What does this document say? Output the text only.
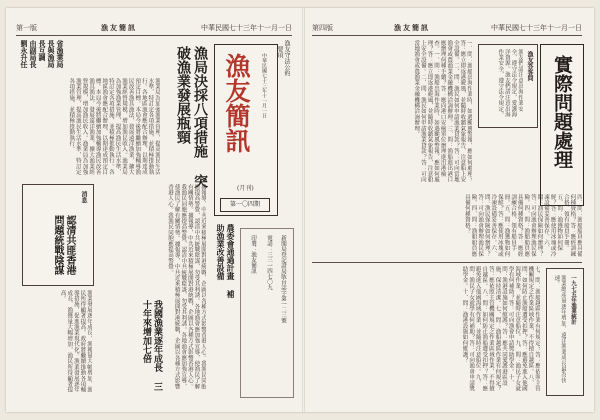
第一版	漁友簡訊	中華民國七十三年十一月一日	第四版	漁友簡訊	中華民國七十三年十一月一日
省漁業局長與漁局長互調 由副局長劉永升任
漁業局為加強漁業管理，提高漁民生活水準，特訂定各項措施，並積極推動執行。各地區漁會應配合辦理，以期達成預定目標。本局今後將繼續加強輔導漁民改善漁具漁法，發展遠洋漁業，擴大漁業經營規模，增加漁民收入。漁業局為加強漁業管理，提高漁民生活水準，特訂定各項措施，並積極推動執行。各地區漁會應配合辦理，以期達成預定目標。本局今後將繼續加強輔導漁民改善漁具漁法，發展遠洋漁業，擴大漁業經營規模，增加漁民收入。漁業局為加強漁業管理，提高漁民生活水準，特訂定各項措施，並積極推動執行。	漁局決採八項措施 突破漁業發展瓶頸	漁友簡訊 中華民國七十三年十一月一日
(月刊)
第一〇四期
漁友守法公約
要項
消息
認清共匪香港問題統戰陰謀	據報導，中共近來積極展開對港統戰，企圖以各種方式影響香港人心。我漁民同胞應提高警覺，認清中共統戰陰謀，勿受其利誘。各地漁會應加強宣導，使漁民了解有關情勢。據報導，中共近來積極展開對港統戰，企圖以各種方式影響香港人心。我漁民同胞應提高警覺，認清中共統戰陰謀，勿受其利誘。各地漁會應加強宣導，使漁民了解有關情勢。據報導，中共近來積極展開對港統戰，企圖以各種方式影響香港人心。我漁民同胞應提高警覺。
漁業發展逐年成長，漁獲量大幅增加，漁民所得顯著提高。政府將繼續推動各項輔導措施，促進漁業現代化。漁業發展逐年成長，漁獲量大幅增加，漁民所得顯著提高。	農委會通過計畫 補助漁業改善設備
我國漁業逐年成長 三十年來增加七倍
新聞局登記證局版台誌字第一二三號
電話：三三一四七〇九
印製：漁友簡訊
實際問題處理
漁友們請注意出海作業安全，遵守法令規定，愛護海洋資源。漁友們請注意出海作業安全，遵守法令規定。	漁友答客問
一、問：漁船出海作業時，如遇颱風警報，應如何處理？答：應立即返港避風，並隨時收聽氣象報告，注意船上安全設備。二、問：漁民如何申請漁業貸款？答：可向當地漁會或農漁業金融機構洽詢辦理。三、問：漁船進出港口應辦理何種手續？答：應向港口安檢單位辦理進出港檢查。一、問：漁船出海作業時，如遇颱風警報，應如何處理？答：應立即返港避風，並隨時收聽氣象報告，注意船上安全設備。二、問：漁民如何申請漁業貸款？答：可向當地漁會或農漁業金融機構洽詢辦理。
四、問：漁船船員應具備何種資格？答：應經訓練合格，領有船員手冊。五、問：漁獲物如何保鮮？答：應使用冰塊或冷凍設備妥善保存。六、問：漁民保險如何辦理？答：可向漁會辦理漁民保險。四、問：漁船船員應具備何種資格？答：應經訓練合格，領有船員手冊。五、問：漁獲物如何保鮮？答：應使用冰塊或冷凍設備妥善保存。六、問：漁民保險如何辦理？答：可向漁會辦理漁民保險。四、問：漁船船員應具備何種資格？
七、問：漁船越區作業有何規定？答：應依照主管機關規定之作業區域作業，不得擅自越區。八、問：如何防止漁船遭受扣押？答：應避免進入他國海域作業，並隨時注意船位。九、問：漁民子女就學有何補助？答：可向漁會申請獎助學金。十、問：漁港設施如何維護？答：應共同愛護港區設施，保持清潔。七、問：漁船越區作業有何規定？答：應依照主管機關規定之作業區域作業，不得擅自越區。八、問：如何防止漁船遭受扣押？答：應避免進入他國海域作業，並隨時注意船位。九、問：漁民子女就學有何補助？答：可向漁會申請獎助學金。十、問：漁港設施如何維護？	一九七五年漁業統計
漁業總產量逐年增加，遠洋漁業成長最為快速。
